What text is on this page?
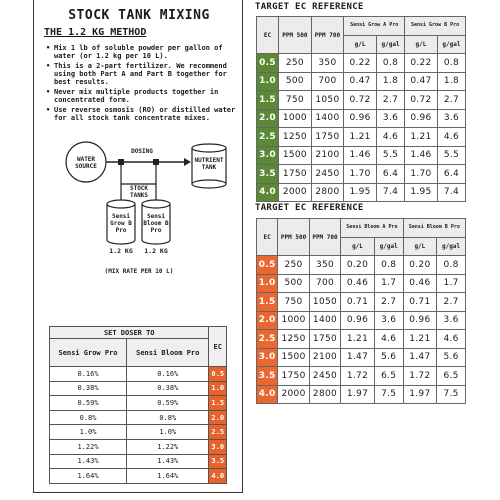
STOCK TANK MIXING
THE 1.2 KG METHOD
• Mix 1 lb of soluble powder per gallon of water (or 1.2 kg per 10 L).
• This is a 2-part fertilizer. We recommend using both Part A and Part B together for best results.
• Never mix multiple products together in concentrated form.
• Use reverse osmosis (RO) or distilled water for all stock tank concentrate mixes.
WATER SOURCE
DOSING
NUTRIENT TANK
STOCK TANKS
Sensi Grow B Pro
Sensi Bloom B Pro
1.2 KG	1.2 KG
(MIX RATE PER 10 L)
SET DOSER TO		EC
Sensi Grow Pro	Sensi Bloom Pro	
0.16%	0.16%	0.5
0.38%	0.38%	1.0
0.59%	0.59%	1.5
0.8%	0.8%	2.0
1.0%	1.0%	2.5
1.22%	1.22%	3.0
1.43%	1.43%	3.5
1.64%	1.64%	4.0
TARGET EC REFERENCE
EC	PPM 500	PPM 700	Sensi Grow A Pro		Sensi Grow B Pro	
			g/L	g/gal	g/L	g/gal
0.5	250	350	0.22	0.8	0.22	0.8
1.0	500	700	0.47	1.8	0.47	1.8
1.5	750	1050	0.72	2.7	0.72	2.7
2.0	1000	1400	0.96	3.6	0.96	3.6
2.5	1250	1750	1.21	4.6	1.21	4.6
3.0	1500	2100	1.46	5.5	1.46	5.5
3.5	1750	2450	1.70	6.4	1.70	6.4
4.0	2000	2800	1.95	7.4	1.95	7.4
TARGET EC REFERENCE
EC	PPM 500	PPM 700	Sensi Bloom A Pro		Sensi Bloom B Pro	
			g/L	g/gal	g/L	g/gal
0.5	250	350	0.20	0.8	0.20	0.8
1.0	500	700	0.46	1.7	0.46	1.7
1.5	750	1050	0.71	2.7	0.71	2.7
2.0	1000	1400	0.96	3.6	0.96	3.6
2.5	1250	1750	1.21	4.6	1.21	4.6
3.0	1500	2100	1.47	5.6	1.47	5.6
3.5	1750	2450	1.72	6.5	1.72	6.5
4.0	2000	2800	1.97	7.5	1.97	7.5
